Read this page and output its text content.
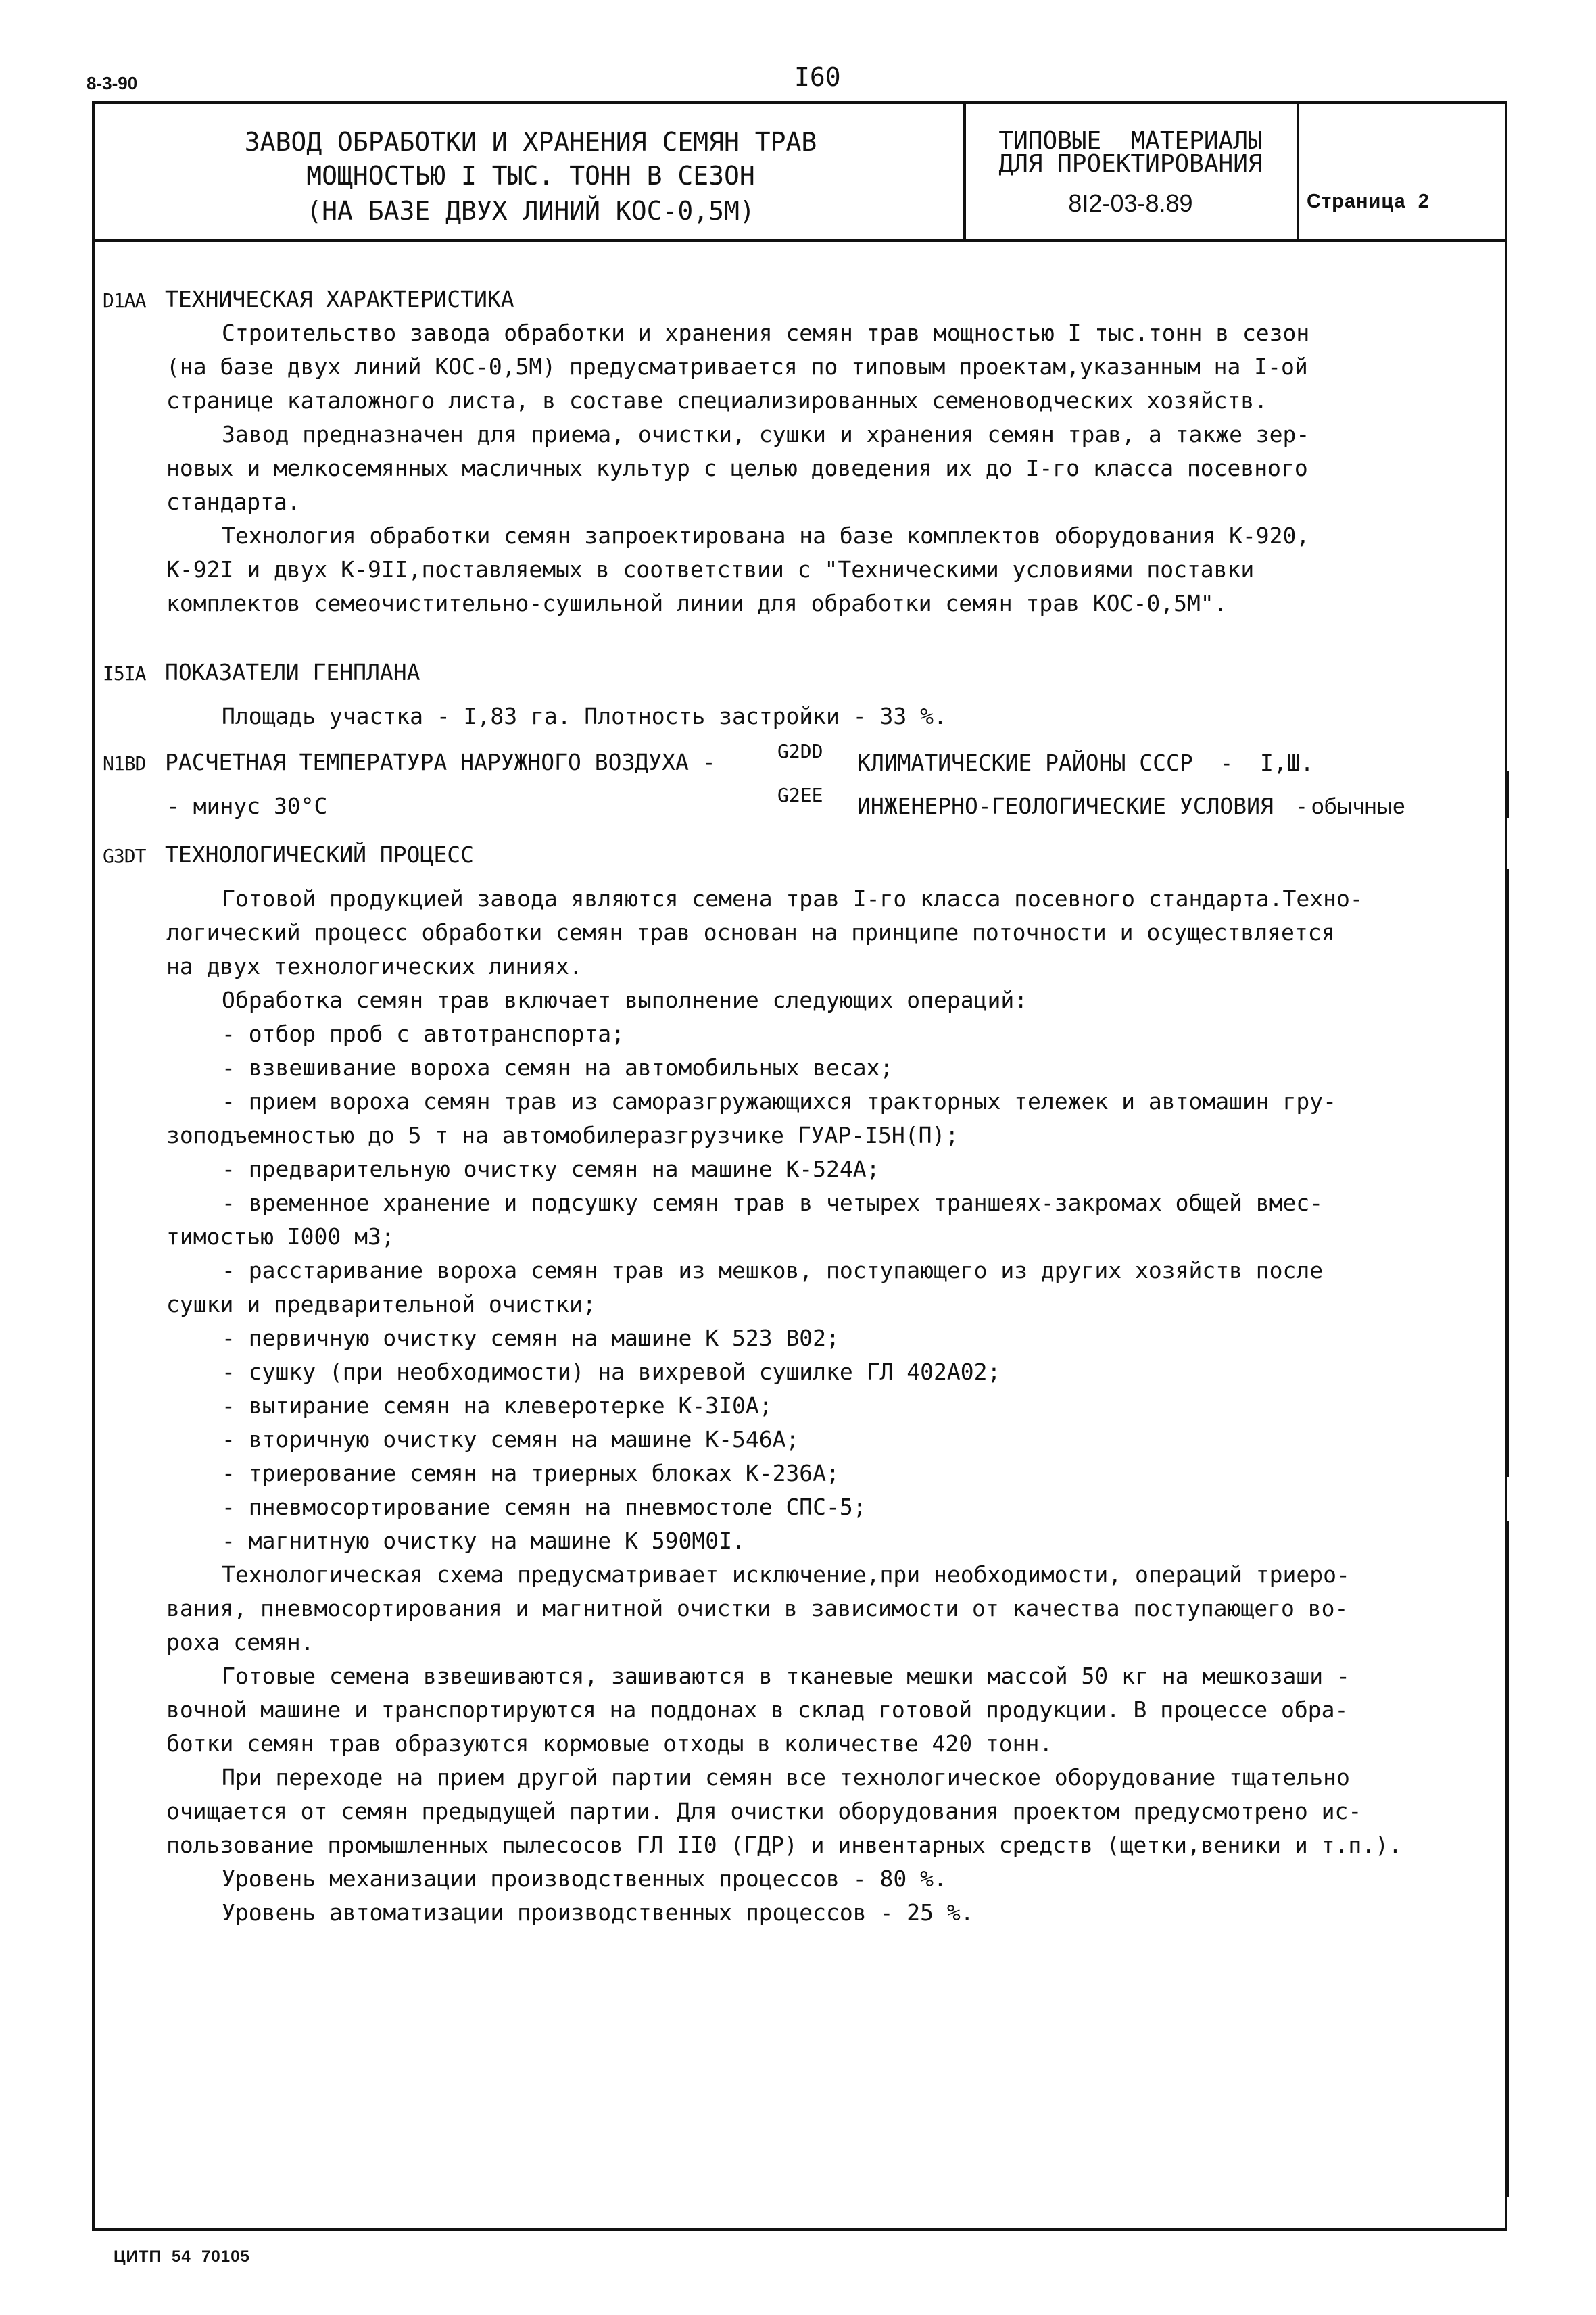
8-3-90	I60
ЗАВОД ОБРАБОТКИ И ХРАНЕНИЯ СЕМЯН ТРАВ
МОЩНОСТЬЮ I ТЫС. ТОНН В СЕЗОН
(НА БАЗЕ ДВУХ ЛИНИЙ КОС-0,5М)
ТИПОВЫЕ  МАТЕРИАЛЫ
ДЛЯ ПРОЕКТИРОВАНИЯ
8I2-03-8.89	Страница  2
D1AA ТЕХНИЧЕСКАЯ ХАРАКТЕРИСТИКА
Строительство завода обработки и хранения семян трав мощностью I тыс.тонн в сезон
(на базе двух линий КОС-0,5М) предусматривается по типовым проектам,указанным на I-ой
странице каталожного листа, в составе специализированных семеноводческих хозяйств.
Завод предназначен для приема, очистки, сушки и хранения семян трав, а также зер-
новых и мелкосемянных масличных культур с целью доведения их до I-го класса посевного
стандарта.
Технология обработки семян запроектирована на базе комплектов оборудования К-920,
К-92I и двух К-9II,поставляемых в соответствии с "Техническими условиями поставки
комплектов семеочистительно-сушильной линии для обработки семян трав КОС-0,5М".
I5IA ПОКАЗАТЕЛИ ГЕНПЛАНА
Площадь участка - I,83 га. Плотность застройки - 33 %.
N1BD РАСЧЕТНАЯ ТЕМПЕРАТУРА НАРУЖНОГО ВОЗДУХА -	G2DD КЛИМАТИЧЕСКИЕ РАЙОНЫ СССР  -  I,Ш.
- минус 30°С	G2EE ИНЖЕНЕРНО-ГЕОЛОГИЧЕСКИЕ УСЛОВИЯ - обычные
G3DT ТЕХНОЛОГИЧЕСКИЙ ПРОЦЕСС
Готовой продукцией завода являются семена трав I-го класса посевного стандарта.Техно-
логический процесс обработки семян трав основан на принципе поточности и осуществляется
на двух технологических линиях.
Обработка семян трав включает выполнение следующих операций:
- отбор проб с автотранспорта;
- взвешивание вороха семян на автомобильных весах;
- прием вороха семян трав из саморазгружающихся тракторных тележек и автомашин гру-
зоподъемностью до 5 т на автомобилеразгрузчике ГУАР-I5Н(П);
- предварительную очистку семян на машине К-524А;
- временное хранение и подсушку семян трав в четырех траншеях-закромах общей вмес-
тимостью I000 м3;
- расстаривание вороха семян трав из мешков, поступающего из других хозяйств после
сушки и предварительной очистки;
- первичную очистку семян на машине К 523 В02;
- сушку (при необходимости) на вихревой сушилке ГЛ 402А02;
- вытирание семян на клеверотерке К-3I0А;
- вторичную очистку семян на машине К-546А;
- триерование семян на триерных блоках К-236А;
- пневмосортирование семян на пневмостоле СПС-5;
- магнитную очистку на машине К 590М0I.
Технологическая схема предусматривает исключение,при необходимости, операций триеро-
вания, пневмосортирования и магнитной очистки в зависимости от качества поступающего во-
роха семян.
Готовые семена взвешиваются, зашиваются в тканевые мешки массой 50 кг на мешкозаши -
вочной машине и транспортируются на поддонах в склад готовой продукции. В процессе обра-
ботки семян трав образуются кормовые отходы в количестве 420 тонн.
При переходе на прием другой партии семян все технологическое оборудование тщательно
очищается от семян предыдущей партии. Для очистки оборудования проектом предусмотрено ис-
пользование промышленных пылесосов ГЛ II0 (ГДР) и инвентарных средств (щетки,веники и т.п.).
Уровень механизации производственных процессов - 80 %.
Уровень автоматизации производственных процессов - 25 %.
ЦИТП  54  70105
